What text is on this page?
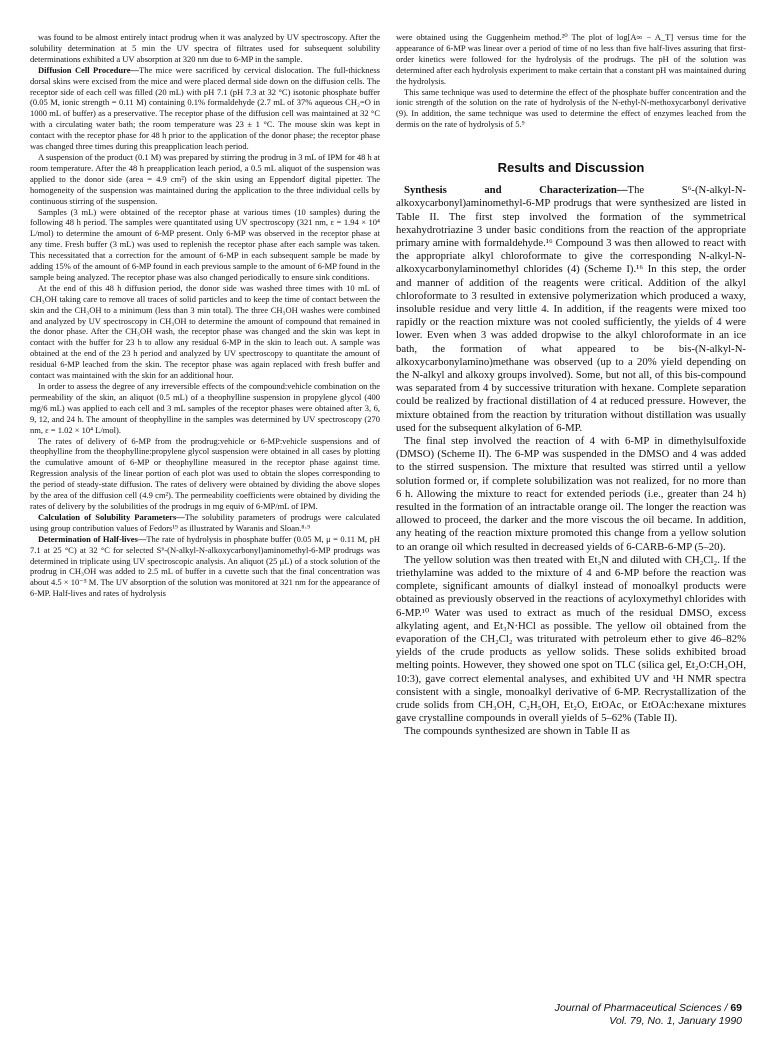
was found to be almost entirely intact prodrug when it was analyzed by UV spectroscopy. After the solubility determination at 5 min the UV spectra of filtrates used for subsequent solubility determinations exhibited a UV absorption at 320 nm due to 6-MP in the sample.

Diffusion Cell Procedure—The mice were sacrificed by cervical dislocation. The full-thickness dorsal skins were excised from the mice and were placed dermal side down on the diffusion cells. The receptor side of each cell was filled (20 mL) with pH 7.1 (pH 7.3 at 32 °C) isotonic phosphate buffer (0.05 M, ionic strength = 0.11 M) containing 0.1% formaldehyde (2.7 mL of 37% aqueous CH₂=O in 1000 mL of buffer) as a preservative. The receptor phase of the diffusion cell was maintained at 32 °C with a circulating water bath; the room temperature was 23 ± 1 °C. The mouse skin was kept in contact with the receptor phase for 48 h prior to the application of the donor phase; the receptor phase was changed three times during this preapplication leach period.

A suspension of the product (0.1 M) was prepared by stirring the prodrug in 3 mL of IPM for 48 h at room temperature. After the 48 h preapplication leach period, a 0.5 mL aliquot of the suspension was applied to the donor side (area = 4.9 cm²) of the skin using an Eppendorf digital pipetter. The homogeneity of the suspension was maintained during the application to the three individual cells by continuous stirring of the suspension.

Samples (3 mL) were obtained of the receptor phase at various times (10 samples) during the following 48 h period. The samples were quantitated using UV spectroscopy (321 nm, ε = 1.94 × 10⁴ L/mol) to determine the amount of 6-MP present. Only 6-MP was observed in the receptor phase at any time. Fresh buffer (3 mL) was used to replenish the receptor phase after each sample was taken. This necessitated that a correction for the amount of 6-MP in each subsequent sample be made by adding 15% of the amount of 6-MP found in each previous sample to the amount of 6-MP found in the sample being analyzed. The receptor phase was also changed periodically to ensure sink conditions.

At the end of this 48 h diffusion period, the donor side was washed three times with 10 mL of CH₃OH taking care to remove all traces of solid particles and to keep the time of contact between the skin and the CH₃OH to a minimum (less than 3 min total). The three CH₃OH washes were combined and analyzed by UV spectroscopy in CH₃OH to determine the amount of compound that remained in the donor phase. After the CH₃OH wash, the receptor phase was changed and the skin was kept in contact with the buffer for 23 h to allow any residual 6-MP in the skin to leach out. A sample was obtained at the end of the 23 h period and analyzed by UV spectroscopy to quantitate the amount of residual 6-MP leached from the skin. The receptor phase was again replaced with fresh buffer and contact was maintained with the skin for an additional hour.

In order to assess the degree of any irreversible effects of the compound:vehicle combination on the permeability of the skin, an aliquot (0.5 mL) of a theophylline suspension in propylene glycol (400 mg/6 mL) was applied to each cell and 3 mL samples of the receptor phases were obtained after 3, 6, 9, 12, and 24 h. The amount of theophylline in the samples was determined by UV spectroscopy (270 nm, ε = 1.02 × 10⁴ L/mol).

The rates of delivery of 6-MP from the prodrug:vehicle or 6-MP:vehicle suspensions and of theophylline from the theophylline:propylene glycol suspension were obtained in all cases by plotting the cumulative amount of 6-MP or theophylline measured in the receptor phase against time. Regression analysis of the linear portion of each plot was used to obtain the slopes corresponding to the period of steady-state diffusion. The rates of delivery were obtained by dividing the above slopes by the area of the diffusion cell (4.9 cm²). The permeability coefficients were obtained by dividing the rates of delivery by the solubilities of the prodrugs in mg equiv of 6-MP/mL of IPM.

Calculation of Solubility Parameters—The solubility parameters of prodrugs were calculated using group contribution values of Fedors¹⁹ as illustrated by Waranis and Sloan.⁸·⁹

Determination of Half-lives—The rate of hydrolysis in phosphate buffer (0.05 M, μ = 0.11 M, pH 7.1 at 25 °C) at 32 °C for selected S⁶-(N-alkyl-N-alkoxycarbonyl)aminomethyl-6-MP prodrugs was determined in triplicate using UV spectroscopic analysis. An aliquot (25 μL) of a stock solution of the prodrug in CH₃OH was added to 2.5 mL of buffer in a cuvette such that the final concentration was about 4.5 × 10⁻⁵ M. The UV absorption of the solution was monitored at 321 nm for the appearance of 6-MP. Half-lives and rates of hydrolysis

were obtained using the Guggenheim method.²⁰ The plot of log[A∞ − A_T] versus time for the appearance of 6-MP was linear over a period of time of no less than five half-lives assuring that first-order kinetics were followed for the hydrolysis of the prodrugs. The pH of the solution was determined after each hydrolysis experiment to make certain that a constant pH was maintained during the hydrolysis.

This same technique was used to determine the effect of the phosphate buffer concentration and the ionic strength of the solution on the rate of hydrolysis of the N-ethyl-N-methoxycarbonyl derivative (9). In addition, the same technique was used to determine the effect of enzymes leached from the dermis on the rate of hydrolysis of 5.⁹

Results and Discussion

Synthesis and Characterization—The S⁶-(N-alkyl-N-alkoxycarbonyl)aminomethyl-6-MP prodrugs that were synthesized are listed in Table II. The first step involved the formation of the symmetrical hexahydrotriazine 3 under basic conditions from the reaction of the appropriate primary amine with formaldehyde.¹⁶ Compound 3 was then allowed to react with the appropriate alkyl chloroformate to give the corresponding N-alkyl-N-alkoxycarbonylaminomethyl chlorides (4) (Scheme I).¹⁶ In this step, the order and manner of addition of the reagents were critical. Addition of the alkyl chloroformate to 3 resulted in extensive polymerization which produced a waxy, insoluble residue and very little 4. In addition, if the reagents were mixed too rapidly or the reaction mixture was not cooled sufficiently, the yields of 4 were lower. Even when 3 was added dropwise to the alkyl chloroformate in an ice bath, the formation of what appeared to be bis-(N-alkyl-N-alkoxycarbonylamino)methane was observed (up to a 20% yield depending on the N-alkyl and alkoxy groups involved). Some, but not all, of this bis-compound was separated from 4 by successive trituration with hexane. Complete separation could be realized by fractional distillation of 4 at reduced pressure. However, the mixture obtained from the reaction by trituration without distillation was usually used for the subsequent alkylation of 6-MP.

The final step involved the reaction of 4 with 6-MP in dimethylsulfoxide (DMSO) (Scheme II). The 6-MP was suspended in the DMSO and 4 was added to the stirred suspension. The mixture that resulted was stirred until a yellow solution formed or, if complete solubilization was not realized, for no more than 6 h. Allowing the mixture to react for extended periods (i.e., greater than 24 h) resulted in the formation of an intractable orange oil. The longer the reaction was allowed to proceed, the darker and the more viscous the oil became. In addition, any heating of the reaction mixture promoted this change from a yellow solution to an orange oil which resulted in decreased yields of 6-CARB-6-MP (5–20).

The yellow solution was then treated with Et₃N and diluted with CH₂Cl₂. If the triethylamine was added to the mixture of 4 and 6-MP before the reaction was complete, significant amounts of dialkyl instead of monoalkyl products were obtained as previously observed in the reactions of acyloxymethyl chlorides with 6-MP.¹⁰ Water was used to extract as much of the residual DMSO, excess alkylating agent, and Et₃N·HCl as possible. The yellow oil obtained from the evaporation of the CH₂Cl₂ was triturated with petroleum ether to give 46–82% yields of the crude products as yellow solids. These solids exhibited broad melting points. However, they showed one spot on TLC (silica gel, Et₂O:CH₃OH, 10:3), gave correct elemental analyses, and exhibited UV and ¹H NMR spectra consistent with a single, monoalkyl derivative of 6-MP. Recrystallization of the crude solids from CH₃OH, C₂H₅OH, Et₂O, EtOAc, or EtOAc:hexane mixtures gave crystalline compounds in overall yields of 5–62% (Table II).

The compounds synthesized are shown in Table II as

Journal of Pharmaceutical Sciences / 69
Vol. 79, No. 1, January 1990
